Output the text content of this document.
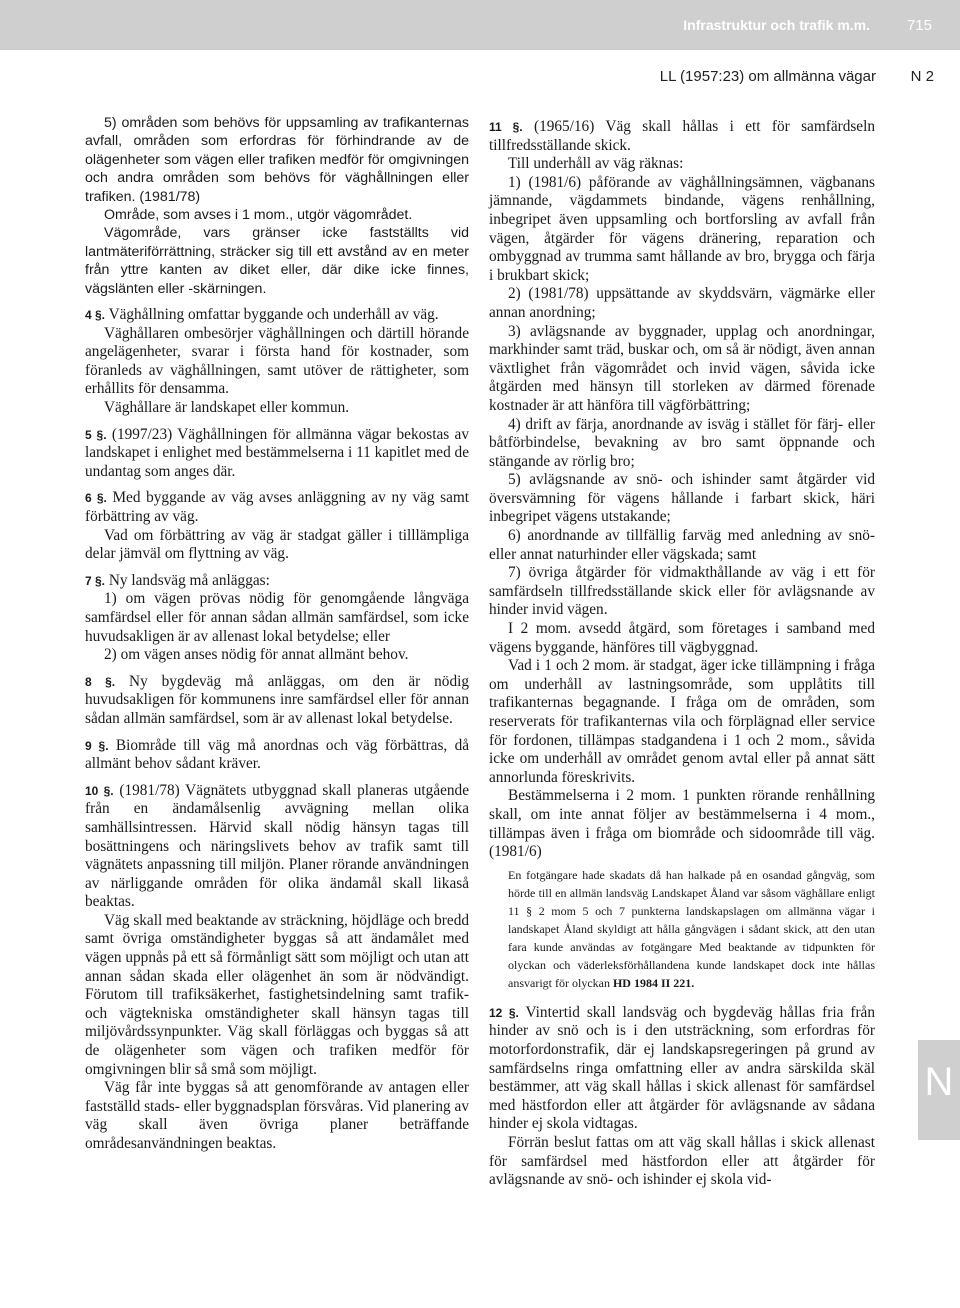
Infrastruktur och trafik m.m. 715
LL (1957:23) om allmänna vägar N 2

5) områden som behövs för uppsamling av trafikanternas avfall, områden som erfordras för förhindrande av de olägenheter som vägen eller trafiken medför för omgivningen och andra områden som behövs för väghållningen eller trafiken. (1981/78)

Område, som avses i 1 mom., utgör vägområdet.

Vägområde, vars gränser icke fastställts vid lantmäteriförrättning, sträcker sig till ett avstånd av en meter från yttre kanten av diket eller, där dike icke finnes, vägslänten eller -skärningen.

4 §. Väghållning omfattar byggande och underhåll av väg.

Väghållaren ombesörjer väghållningen och därtill hörande angelägenheter, svarar i första hand för kostnader, som föranleds av väghållningen, samt utöver de rättigheter, som erhållits för densamma.

Väghållare är landskapet eller kommun.

5 §. (1997/23) Väghållningen för allmänna vägar bekostas av landskapet i enlighet med bestämmelserna i 11 kapitlet med de undantag som anges där.

6 §. Med byggande av väg avses anläggning av ny väg samt förbättring av väg.

Vad om förbättring av väg är stadgat gäller i tilllämpliga delar jämväl om flyttning av väg.

7 §. Ny landsväg må anläggas:

1) om vägen prövas nödig för genomgående långväga samfärdsel eller för annan sådan allmän samfärdsel, som icke huvudsakligen är av allenast lokal betydelse; eller

2) om vägen anses nödig för annat allmänt behov.

8 §. Ny bygdeväg må anläggas, om den är nödig huvudsakligen för kommunens inre samfärdsel eller för annan sådan allmän samfärdsel, som är av allenast lokal betydelse.

9 §. Biområde till väg må anordnas och väg förbättras, då allmänt behov sådant kräver.

10 §. (1981/78) Vägnätets utbyggnad skall planeras utgående från en ändamålsenlig avvägning mellan olika samhällsintressen. Härvid skall nödig hänsyn tagas till bosättningens och näringslivets behov av trafik samt till vägnätets anpassning till miljön. Planer rörande användningen av närliggande områden för olika ändamål skall likaså beaktas.

Väg skall med beaktande av sträckning, höjdläge och bredd samt övriga omständigheter byggas så att ändamålet med vägen uppnås på ett så förmånligt sätt som möjligt och utan att annan sådan skada eller olägenhet än som är nödvändigt. Förutom till trafiksäkerhet, fastighetsindelning samt trafik- och vägtekniska omständigheter skall hänsyn tagas till miljövårdssynpunkter. Väg skall förläggas och byggas så att de olägenheter som vägen och trafiken medför för omgivningen blir så små som möjligt.

Väg får inte byggas så att genomförande av antagen eller fastställd stads- eller byggnadsplan försvåras. Vid planering av väg skall även övriga planer beträffande områdesanvändningen beaktas.

11 §. (1965/16) Väg skall hållas i ett för samfärdseln tillfredsställande skick.

Till underhåll av väg räknas:

1) (1981/6) påförande av väghållningsämnen, vägbanans jämnande, vägdammets bindande, vägens renhållning, inbegripet även uppsamling och bortforsling av avfall från vägen, åtgärder för vägens dränering, reparation och ombyggnad av trumma samt hållande av bro, brygga och färja i brukbart skick;

2) (1981/78) uppsättande av skyddsvärn, vägmärke eller annan anordning;

3) avlägsnande av byggnader, upplag och anordningar, markhinder samt träd, buskar och, om så är nödigt, även annan växtlighet från vägområdet och invid vägen, såvida icke åtgärden med hänsyn till storleken av därmed förenade kostnader är att hänföra till vägförbättring;

4) drift av färja, anordnande av isväg i stället för färj- eller båtförbindelse, bevakning av bro samt öppnande och stängande av rörlig bro;

5) avlägsnande av snö- och ishinder samt åtgärder vid översvämning för vägens hållande i farbart skick, häri inbegripet vägens utstakande;

6) anordnande av tillfällig farväg med anledning av snö- eller annat naturhinder eller vägskada; samt

7) övriga åtgärder för vidmakthållande av väg i ett för samfärdseln tillfredsställande skick eller för avlägsnande av hinder invid vägen.

I 2 mom. avsedd åtgärd, som företages i samband med vägens byggande, hänföres till vägbyggnad.

Vad i 1 och 2 mom. är stadgat, äger icke tillämpning i fråga om underhåll av lastningsområde, som upplåtits till trafikanternas begagnande. I fråga om de områden, som reserverats för trafikanternas vila och förplägnad eller service för fordonen, tillämpas stadgandena i 1 och 2 mom., såvida icke om underhåll av området genom avtal eller på annat sätt annorlunda föreskrivits.

Bestämmelserna i 2 mom. 1 punkten rörande renhållning skall, om inte annat följer av bestämmelserna i 4 mom., tillämpas även i fråga om biområde och sidoområde till väg. (1981/6)

En fotgängare hade skadats då han halkade på en osandad gångväg, som hörde till en allmän landsväg Landskapet Åland var såsom väghållare enligt 11 § 2 mom 5 och 7 punkterna landskapslagen om allmänna vägar i landskapet Åland skyldigt att hålla gångvägen i sådant skick, att den utan fara kunde användas av fotgängare Med beaktande av tidpunkten för olyckan och väderleksförhållandena kunde landskapet dock inte hållas ansvarigt för olyckan HD 1984 II 221.

12 §. Vintertid skall landsväg och bygdeväg hållas fria från hinder av snö och is i den utsträckning, som erfordras för motorfordonstrafik, där ej landskapsregeringen på grund av samfärdselns ringa omfattning eller av andra särskilda skäl bestämmer, att väg skall hållas i skick allenast för samfärdsel med hästfordon eller att åtgärder för avlägsnande av sådana hinder ej skola vidtagas.

Förrän beslut fattas om att väg skall hållas i skick allenast för samfärdsel med hästfordon eller att åtgärder för avlägsnande av snö- och ishinder ej skola vid-

N
